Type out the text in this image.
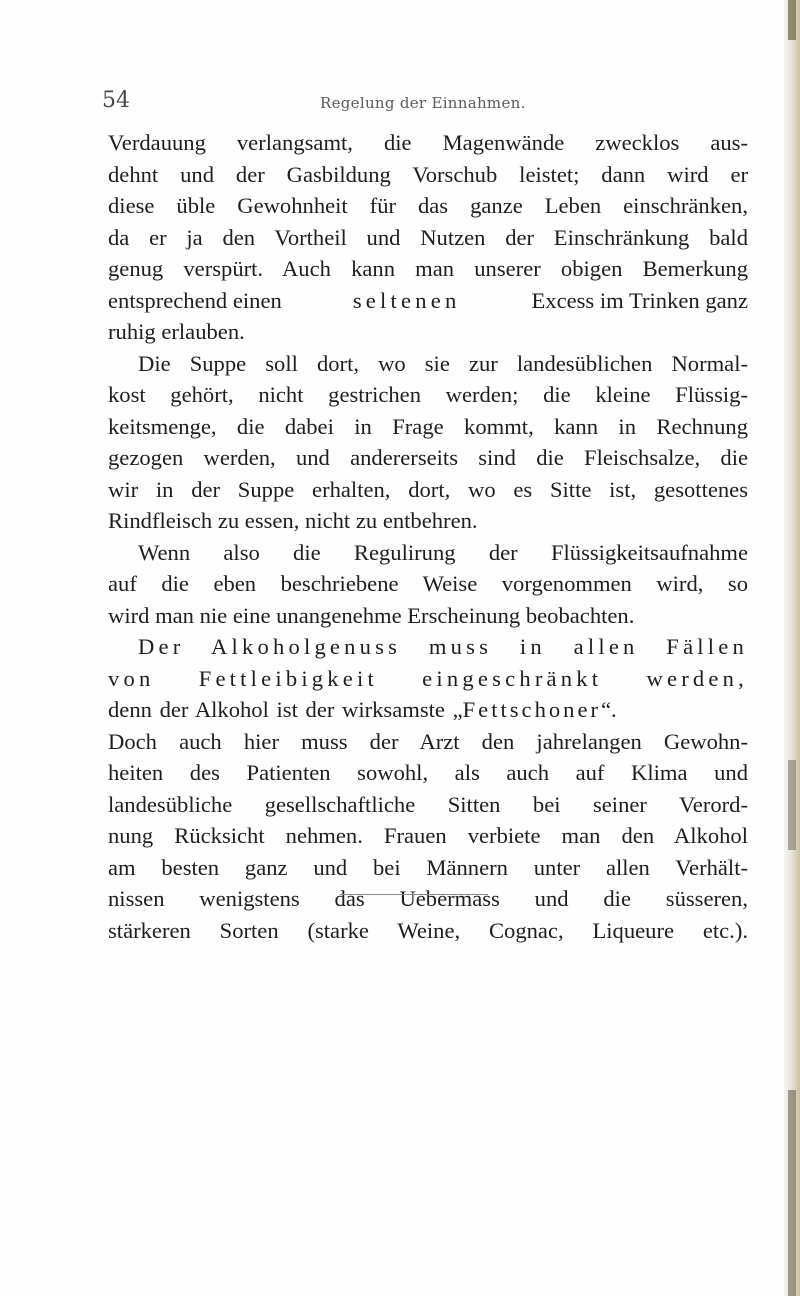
54	Regelung der Einnahmen.
Verdauung verlangsamt, die Magenwände zwecklos aus-
dehnt und der Gasbildung Vorschub leistet; dann wird er
diese üble Gewohnheit für das ganze Leben einschränken,
da er ja den Vortheil und Nutzen der Einschränkung bald
genug verspürt. Auch kann man unserer obigen Bemerkung
entsprechend einen	seltenen	Excess im Trinken ganz
ruhig erlauben.
Die Suppe soll dort, wo sie zur landesüblichen Normal-
kost gehört, nicht gestrichen werden; die kleine Flüssig-
keitsmenge, die dabei in Frage kommt, kann in Rechnung
gezogen werden, und andererseits sind die Fleischsalze, die
wir in der Suppe erhalten, dort, wo es Sitte ist, gesottenes
Rindfleisch zu essen, nicht zu entbehren.
Wenn also die Regulirung der Flüssigkeitsaufnahme
auf die eben beschriebene Weise vorgenommen wird, so
wird man nie eine unangenehme Erscheinung beobachten.
Der Alkoholgenuss muss in allen Fällen
von Fettleibigkeit eingeschränkt werden,
denn der Alkohol ist der wirksamste „ Fettschoner “.
Doch auch hier muss der Arzt den jahrelangen Gewohn-
heiten des Patienten sowohl, als auch auf Klima und
landesübliche gesellschaftliche Sitten bei seiner Verord-
nung Rücksicht nehmen. Frauen verbiete man den Alkohol
am besten ganz und bei Männern unter allen Verhält-
nissen wenigstens das Uebermass und die süsseren,
stärkeren Sorten (starke Weine, Cognac, Liqueure etc.).
